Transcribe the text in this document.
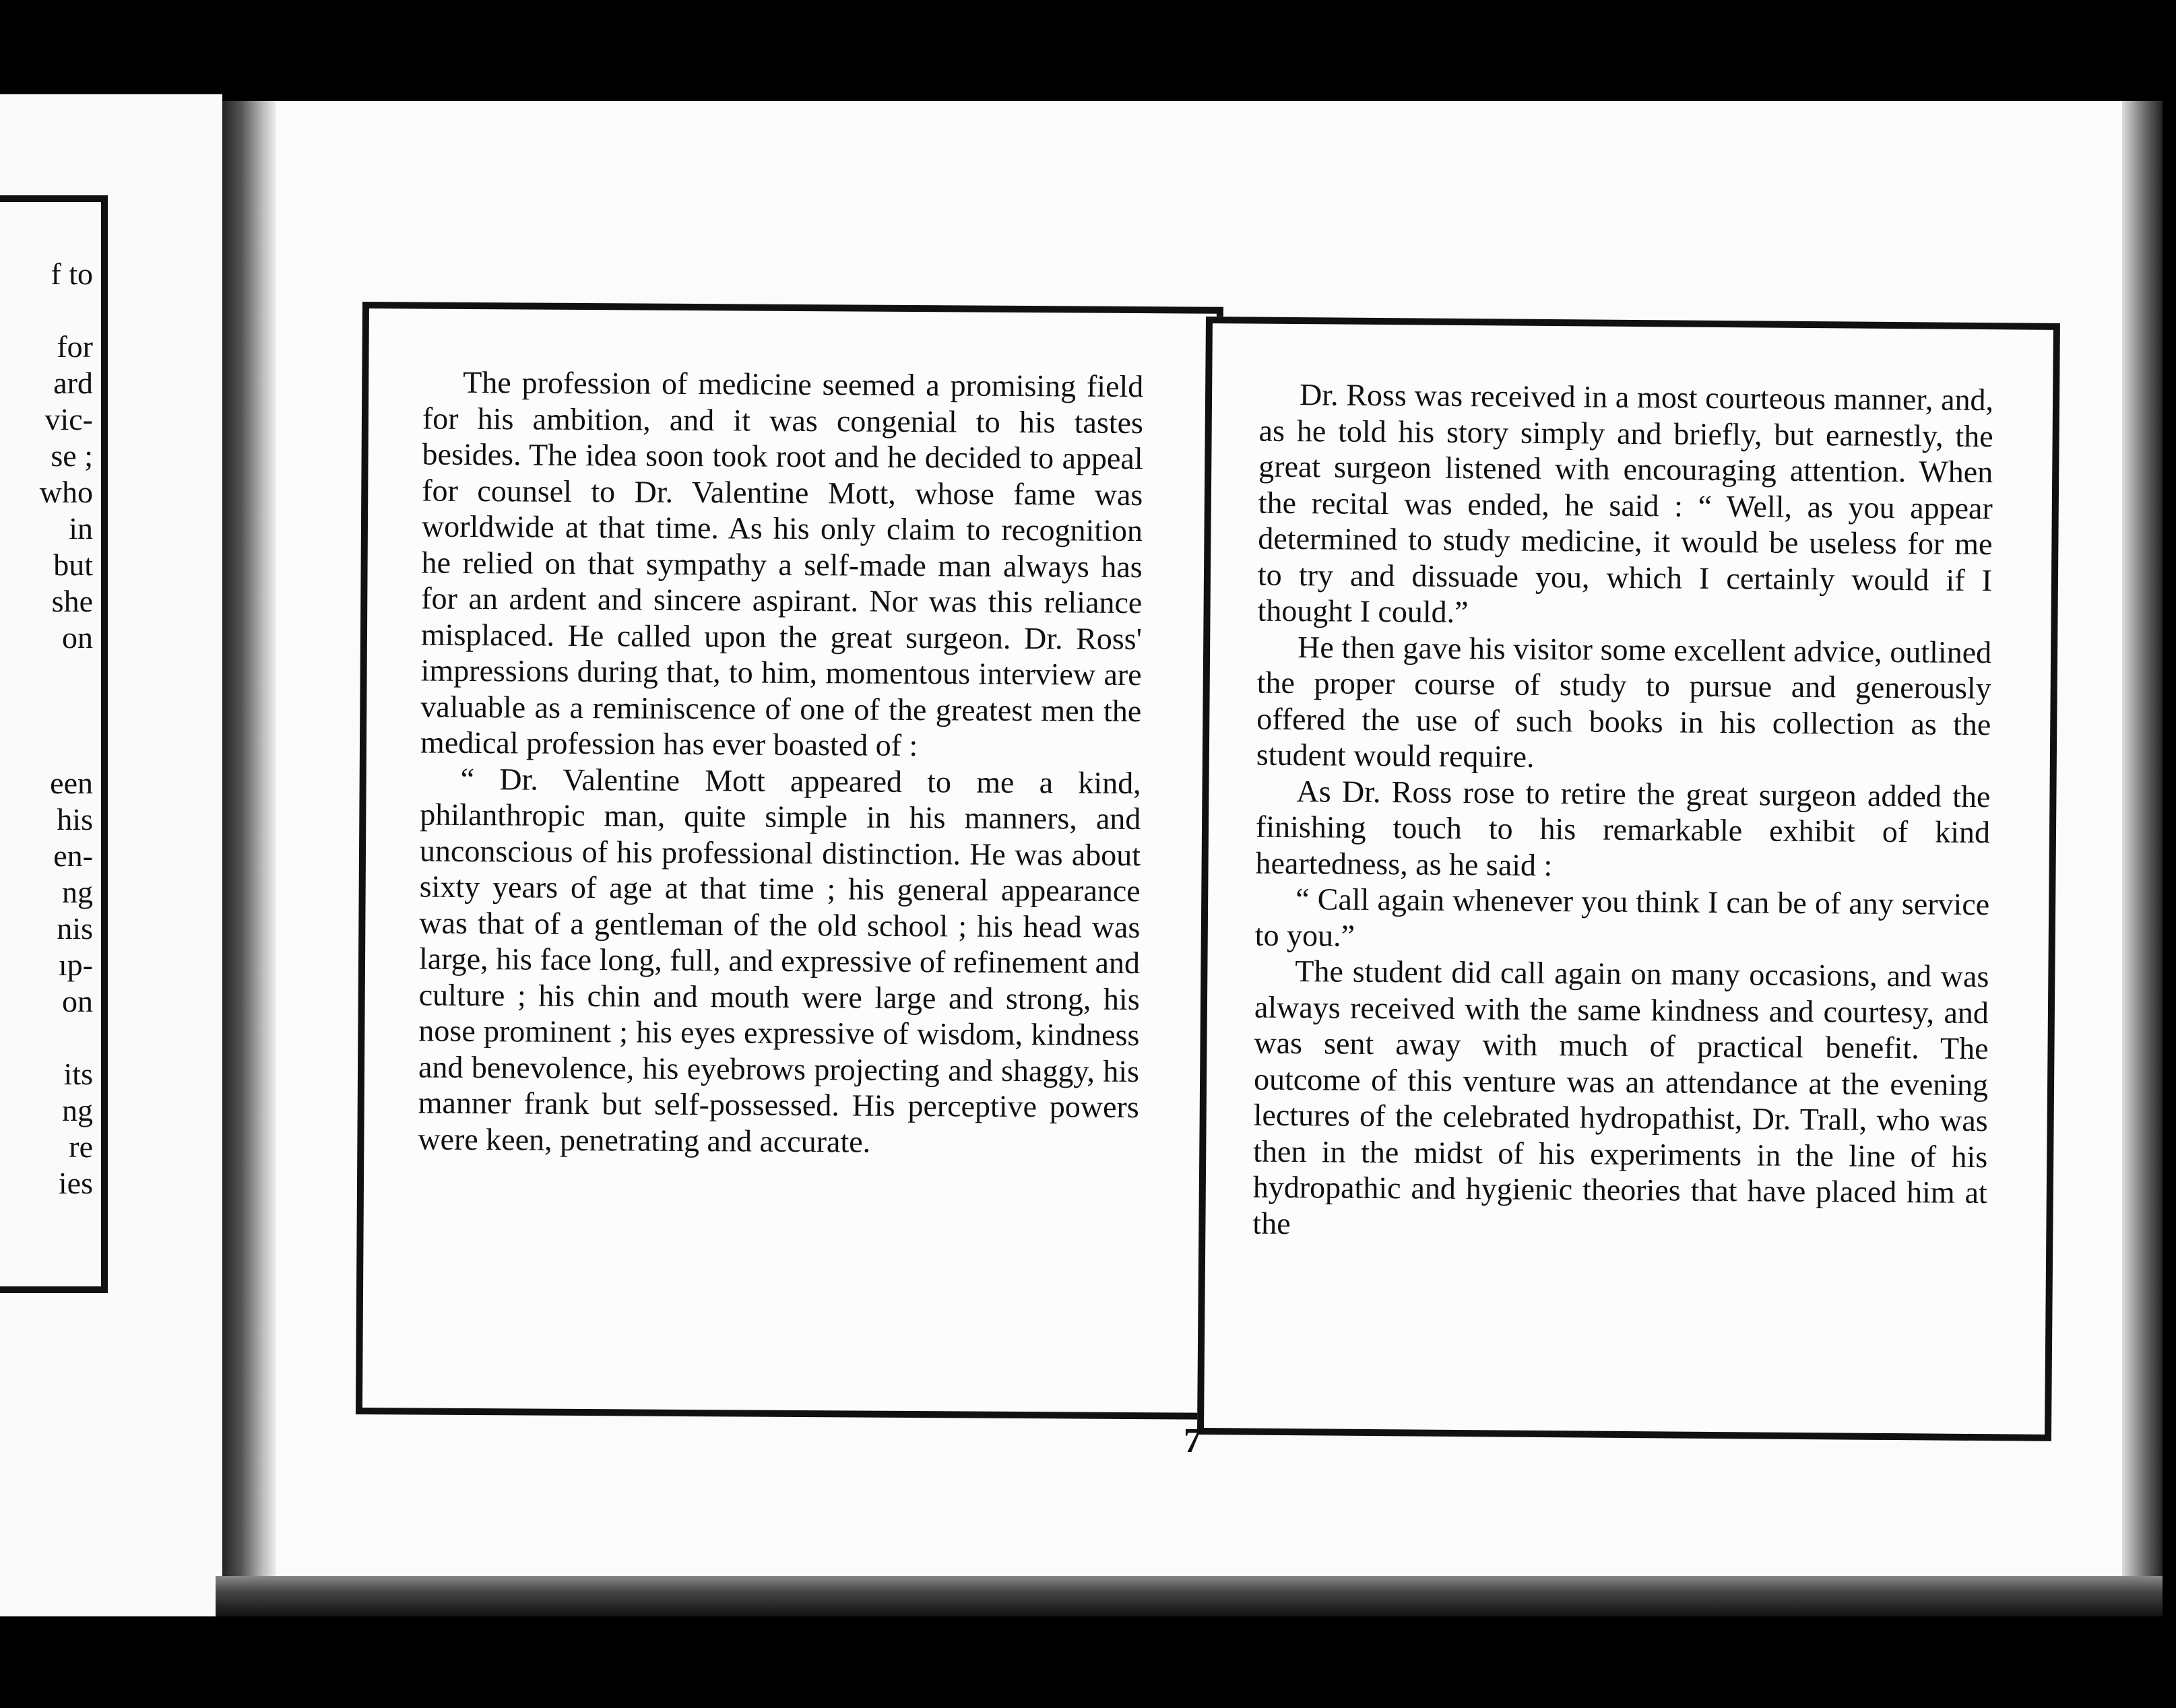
f to
for
ard
vic-
se ;
who
in
but
she
on
een
his
en-
ng
nis
ıp-
on
its
ng
re
ies

The profession of medicine seemed a promising field for his ambition, and it was congenial to his tastes besides. The idea soon took root and he decided to appeal for counsel to Dr. Valentine Mott, whose fame was worldwide at that time. As his only claim to recognition he relied on that sympathy a self-made man always has for an ardent and sincere aspirant. Nor was this reliance misplaced. He called upon the great surgeon. Dr. Ross' impressions during that, to him, momentous interview are valuable as a reminiscence of one of the greatest men the medical profession has ever boasted of :

“ Dr. Valentine Mott appeared to me a kind, philanthropic man, quite simple in his manners, and unconscious of his professional distinction. He was about sixty years of age at that time ; his general appearance was that of a gentleman of the old school ; his head was large, his face long, full, and expressive of refinement and culture ; his chin and mouth were large and strong, his nose prominent ; his eyes expressive of wisdom, kindness and benevolence, his eyebrows projecting and shaggy, his manner frank but self-possessed. His perceptive powers were keen, penetrating and accurate.

Dr. Ross was received in a most courteous manner, and, as he told his story simply and briefly, but earnestly, the great surgeon listened with encouraging attention. When the recital was ended, he said : “ Well, as you appear determined to study medicine, it would be useless for me to try and dissuade you, which I certainly would if I thought I could.”

He then gave his visitor some excellent advice, outlined the proper course of study to pursue and generously offered the use of such books in his collection as the student would require.

As Dr. Ross rose to retire the great surgeon added the finishing touch to his remarkable exhibit of kind heartedness, as he said :

“ Call again whenever you think I can be of any service to you.”

The student did call again on many occasions, and was always received with the same kindness and courtesy, and was sent away with much of practical benefit. The outcome of this venture was an attendance at the evening lectures of the celebrated hydropathist, Dr. Trall, who was then in the midst of his experiments in the line of his hydropathic and hygienic theories that have placed him at the

7
